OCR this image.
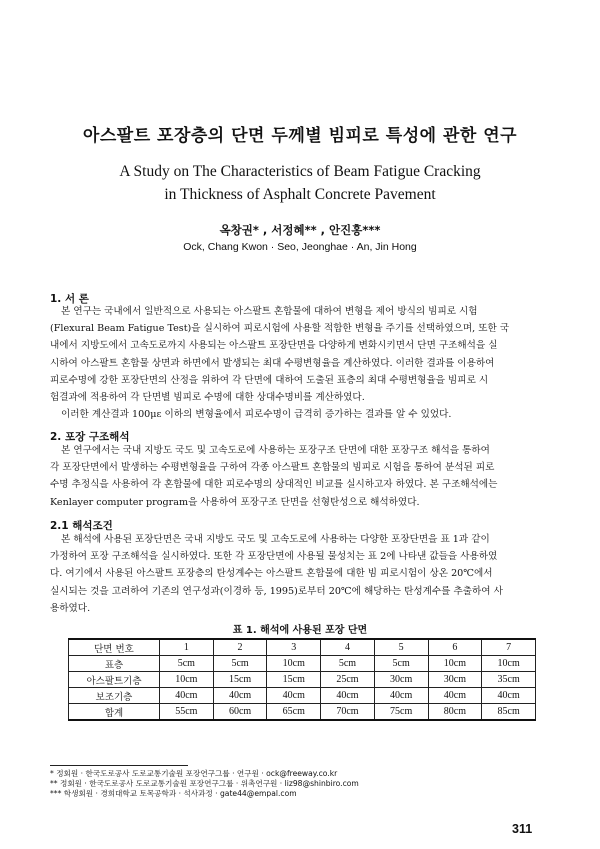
아스팔트 포장층의 단면 두께별 빔피로 특성에 관한 연구
A Study on The Characteristics of Beam Fatigue Cracking
in Thickness of Asphalt Concrete Pavement
옥창권* , 서정혜** , 안진홍***
Ock, Chang Kwon · Seo, Jeonghae · An, Jin Hong
1. 서 론
본 연구는 국내에서 일반적으로 사용되는 아스팔트 혼합물에 대하여 변형을 제어 방식의 빔피로 시험
(Flexural Beam Fatigue Test)을 실시하여 피로시험에 사용할 적합한 변형율 주기를 선택하였으며, 또한 국
내에서 지방도에서 고속도로까지 사용되는 아스팔트 포장단면을 다양하게 변화시키면서 단면 구조해석을 실
시하여 아스팔트 혼합물 상면과 하면에서 발생되는 최대 수평변형율을 계산하였다. 이러한 결과를 이용하여
피로수명에 강한 포장단면의 산정을 위하여 각 단면에 대하여 도출된 표층의 최대 수평변형율을 빔피로 시
험결과에 적용하여 각 단면별 빔피로 수명에 대한 상대수명비를 계산하였다.
이러한 계산결과 100με 이하의 변형율에서 피로수명이 급격히 증가하는 결과를 알 수 있었다.
2. 포장 구조해석
본 연구에서는 국내 지방도 국도 및 고속도로에 사용하는 포장구조 단면에 대한 포장구조 해석을 통하여
각 포장단면에서 발생하는 수평변형율을 구하여 각종 아스팔트 혼합물의 빔피로 시험을 통하여 분석된 피로
수명 추정식을 사용하여 각 혼합물에 대한 피로수명의 상대적인 비교를 실시하고자 하였다. 본 구조해석에는
Kenlayer computer program을 사용하여 포장구조 단면을 선형탄성으로 해석하였다.
2.1 해석조건
본 해석에 사용된 포장단면은 국내 지방도 국도 및 고속도로에 사용하는 다양한 포장단면을 표 1과 같이
가정하여 포장 구조해석을 실시하였다. 또한 각 포장단면에 사용될 물성치는 표 2에 나타낸 값들을 사용하였
다. 여기에서 사용된 아스팔트 포장층의 탄성계수는 아스팔트 혼합물에 대한 빔 피로시험이 상온 20℃에서
실시되는 것을 고려하여 기존의 연구성과(이경하 등, 1995)로부터 20℃에 해당하는 탄성계수를 추출하여 사
용하였다.
표 1. 해석에 사용된 포장 단면
단면 번호	1	2	3	4	5	6	7
표층	5cm	5cm	10cm	5cm	5cm	10cm	10cm
아스팔트기층	10cm	15cm	15cm	25cm	30cm	30cm	35cm
보조기층	40cm	40cm	40cm	40cm	40cm	40cm	40cm
합계	55cm	60cm	65cm	70cm	75cm	80cm	85cm
* 정회원 · 한국도로공사 도로교통기술원 포장연구그룹 · 연구원 · ock@freeway.co.kr
** 정회원 · 한국도로공사 도로교통기술원 포장연구그룹 · 위촉연구원 · liz98@shinbiro.com
*** 학생회원 · 경희대학교 토목공학과 · 석사과정 · gate44@empal.com
311
